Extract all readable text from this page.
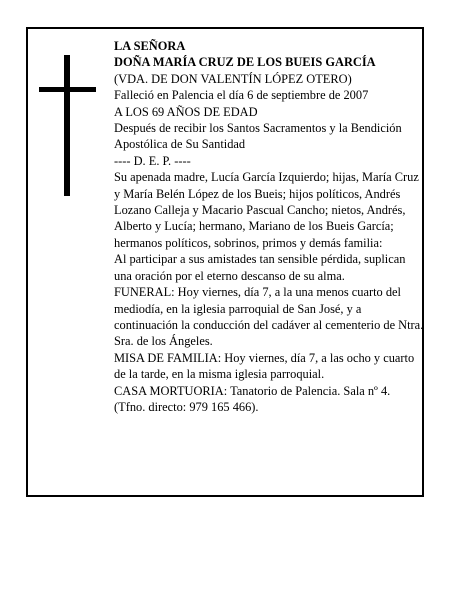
LA SEÑORA

DOÑA MARÍA CRUZ DE LOS BUEIS GARCÍA

(VDA. DE DON VALENTÍN LÓPEZ OTERO)

Falleció en Palencia el día 6 de septiembre de 2007

A LOS 69 AÑOS DE EDAD

Después de recibir los Santos Sacramentos y la Bendición Apostólica de Su Santidad

---- D. E. P. ----

Su apenada madre, Lucía García Izquierdo; hijas, María Cruz y María Belén López de los Bueis; hijos políticos, Andrés Lozano Calleja y Macario Pascual Cancho; nietos, Andrés, Alberto y Lucía; hermano, Mariano de los Bueis García; hermanos políticos, sobrinos, primos y demás familia:

Al participar a sus amistades tan sensible pérdida, suplican una oración por el eterno descanso de su alma.

FUNERAL: Hoy viernes, día 7, a la una menos cuarto del mediodía, en la iglesia parroquial de San José, y a continuación la conducción del cadáver al cementerio de Ntra. Sra. de los Ángeles.

MISA DE FAMILIA: Hoy viernes, día 7, a las ocho y cuarto de la tarde, en la misma iglesia parroquial.

CASA MORTUORIA: Tanatorio de Palencia. Sala nº 4. (Tfno. directo: 979 165 466).
